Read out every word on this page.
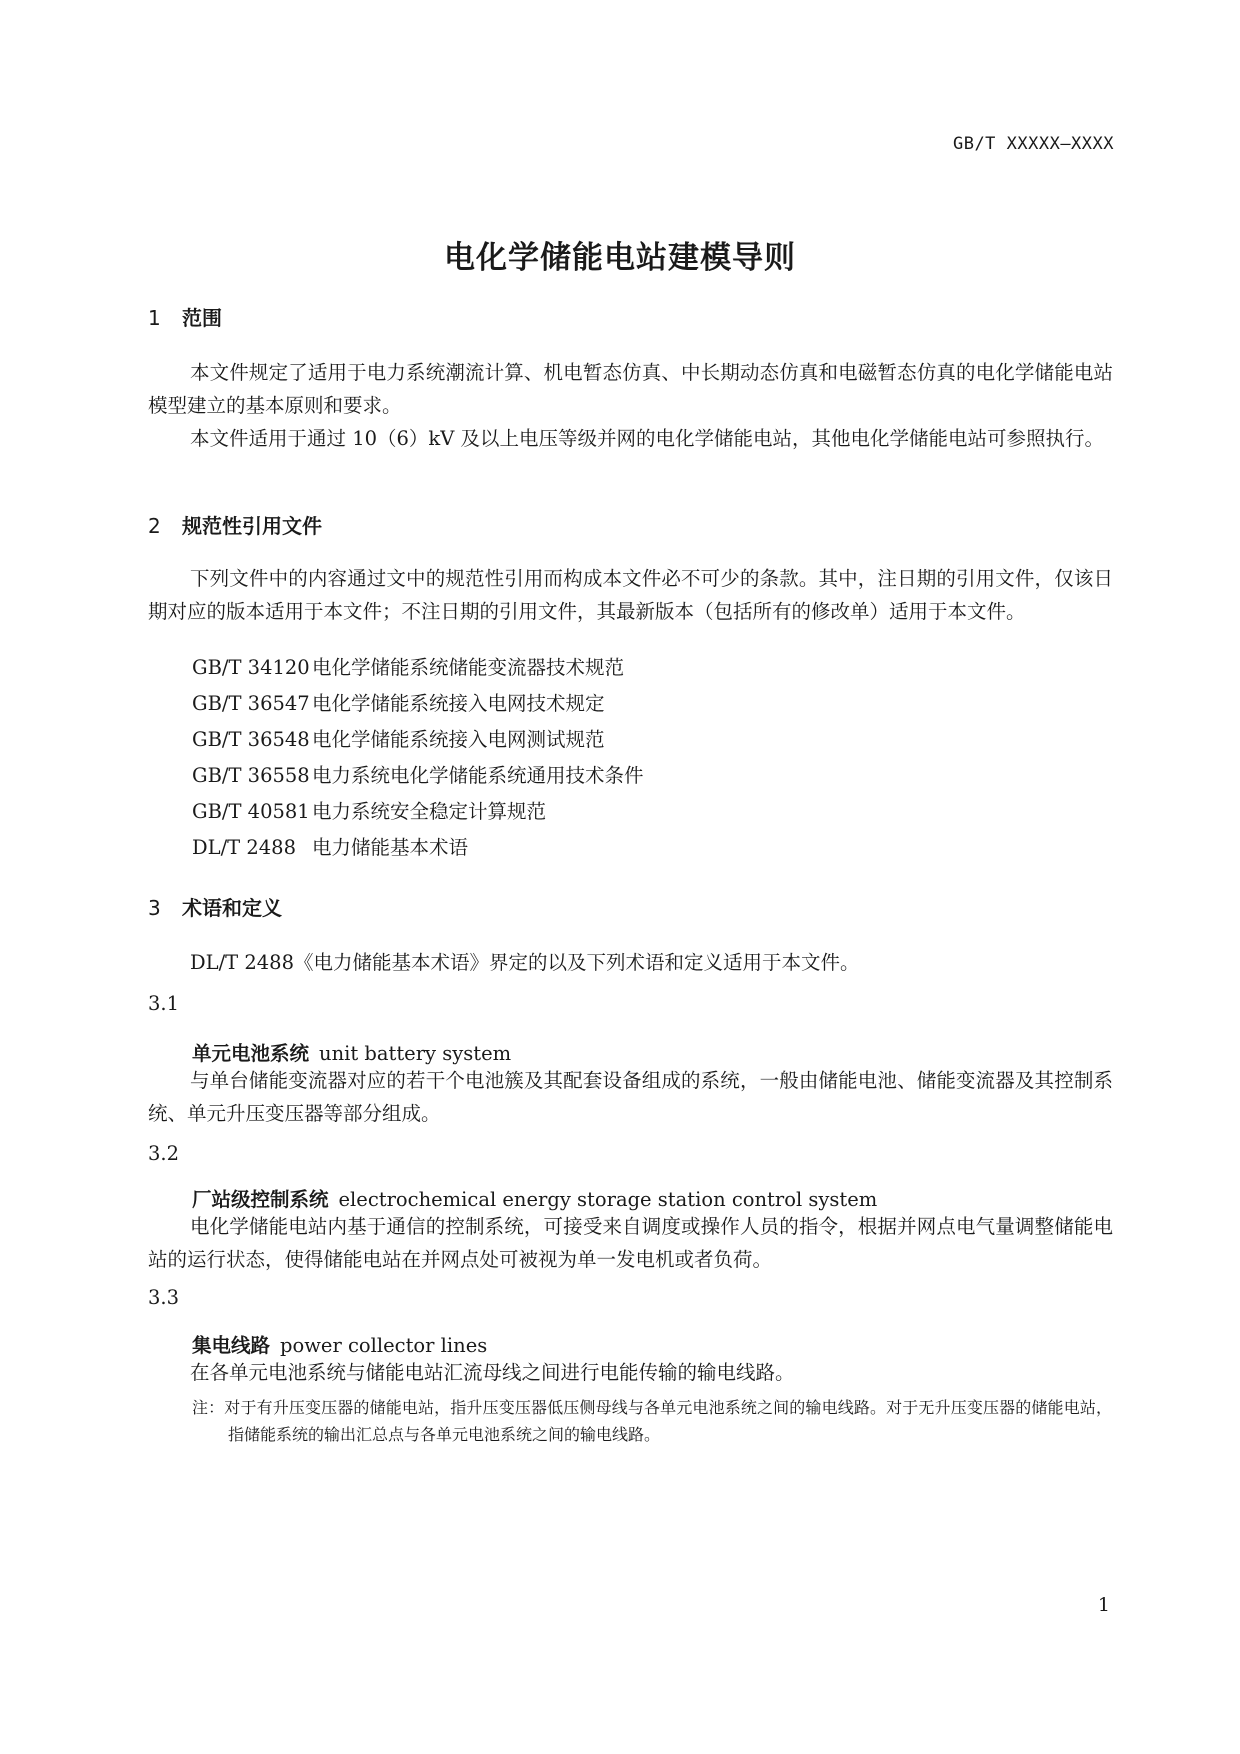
GB/T XXXXX—XXXX
电化学储能电站建模导则
1 范围
本文件规定了适用于电力系统潮流计算、机电暂态仿真、中长期动态仿真和电磁暂态仿真的电化学储能电站模型建立的基本原则和要求。
本文件适用于通过 10（6）kV 及以上电压等级并网的电化学储能电站，其他电化学储能电站可参照执行。
2 规范性引用文件
下列文件中的内容通过文中的规范性引用而构成本文件必不可少的条款。其中，注日期的引用文件，仅该日期对应的版本适用于本文件；不注日期的引用文件，其最新版本（包括所有的修改单）适用于本文件。
GB/T 34120 电化学储能系统储能变流器技术规范
GB/T 36547 电化学储能系统接入电网技术规定
GB/T 36548 电化学储能系统接入电网测试规范
GB/T 36558 电力系统电化学储能系统通用技术条件
GB/T 40581 电力系统安全稳定计算规范
DL/T 2488 电力储能基本术语
3 术语和定义
DL/T 2488《电力储能基本术语》界定的以及下列术语和定义适用于本文件。
3.1
单元电池系统 unit battery system
与单台储能变流器对应的若干个电池簇及其配套设备组成的系统，一般由储能电池、储能变流器及其控制系统、单元升压变压器等部分组成。
3.2
厂站级控制系统 electrochemical energy storage station control system
电化学储能电站内基于通信的控制系统，可接受来自调度或操作人员的指令，根据并网点电气量调整储能电站的运行状态，使得储能电站在并网点处可被视为单一发电机或者负荷。
3.3
集电线路 power collector lines
在各单元电池系统与储能电站汇流母线之间进行电能传输的输电线路。
注：对于有升压变压器的储能电站，指升压变压器低压侧母线与各单元电池系统之间的输电线路。对于无升压变压器的储能电站，指储能系统的输出汇总点与各单元电池系统之间的输电线路。
1
